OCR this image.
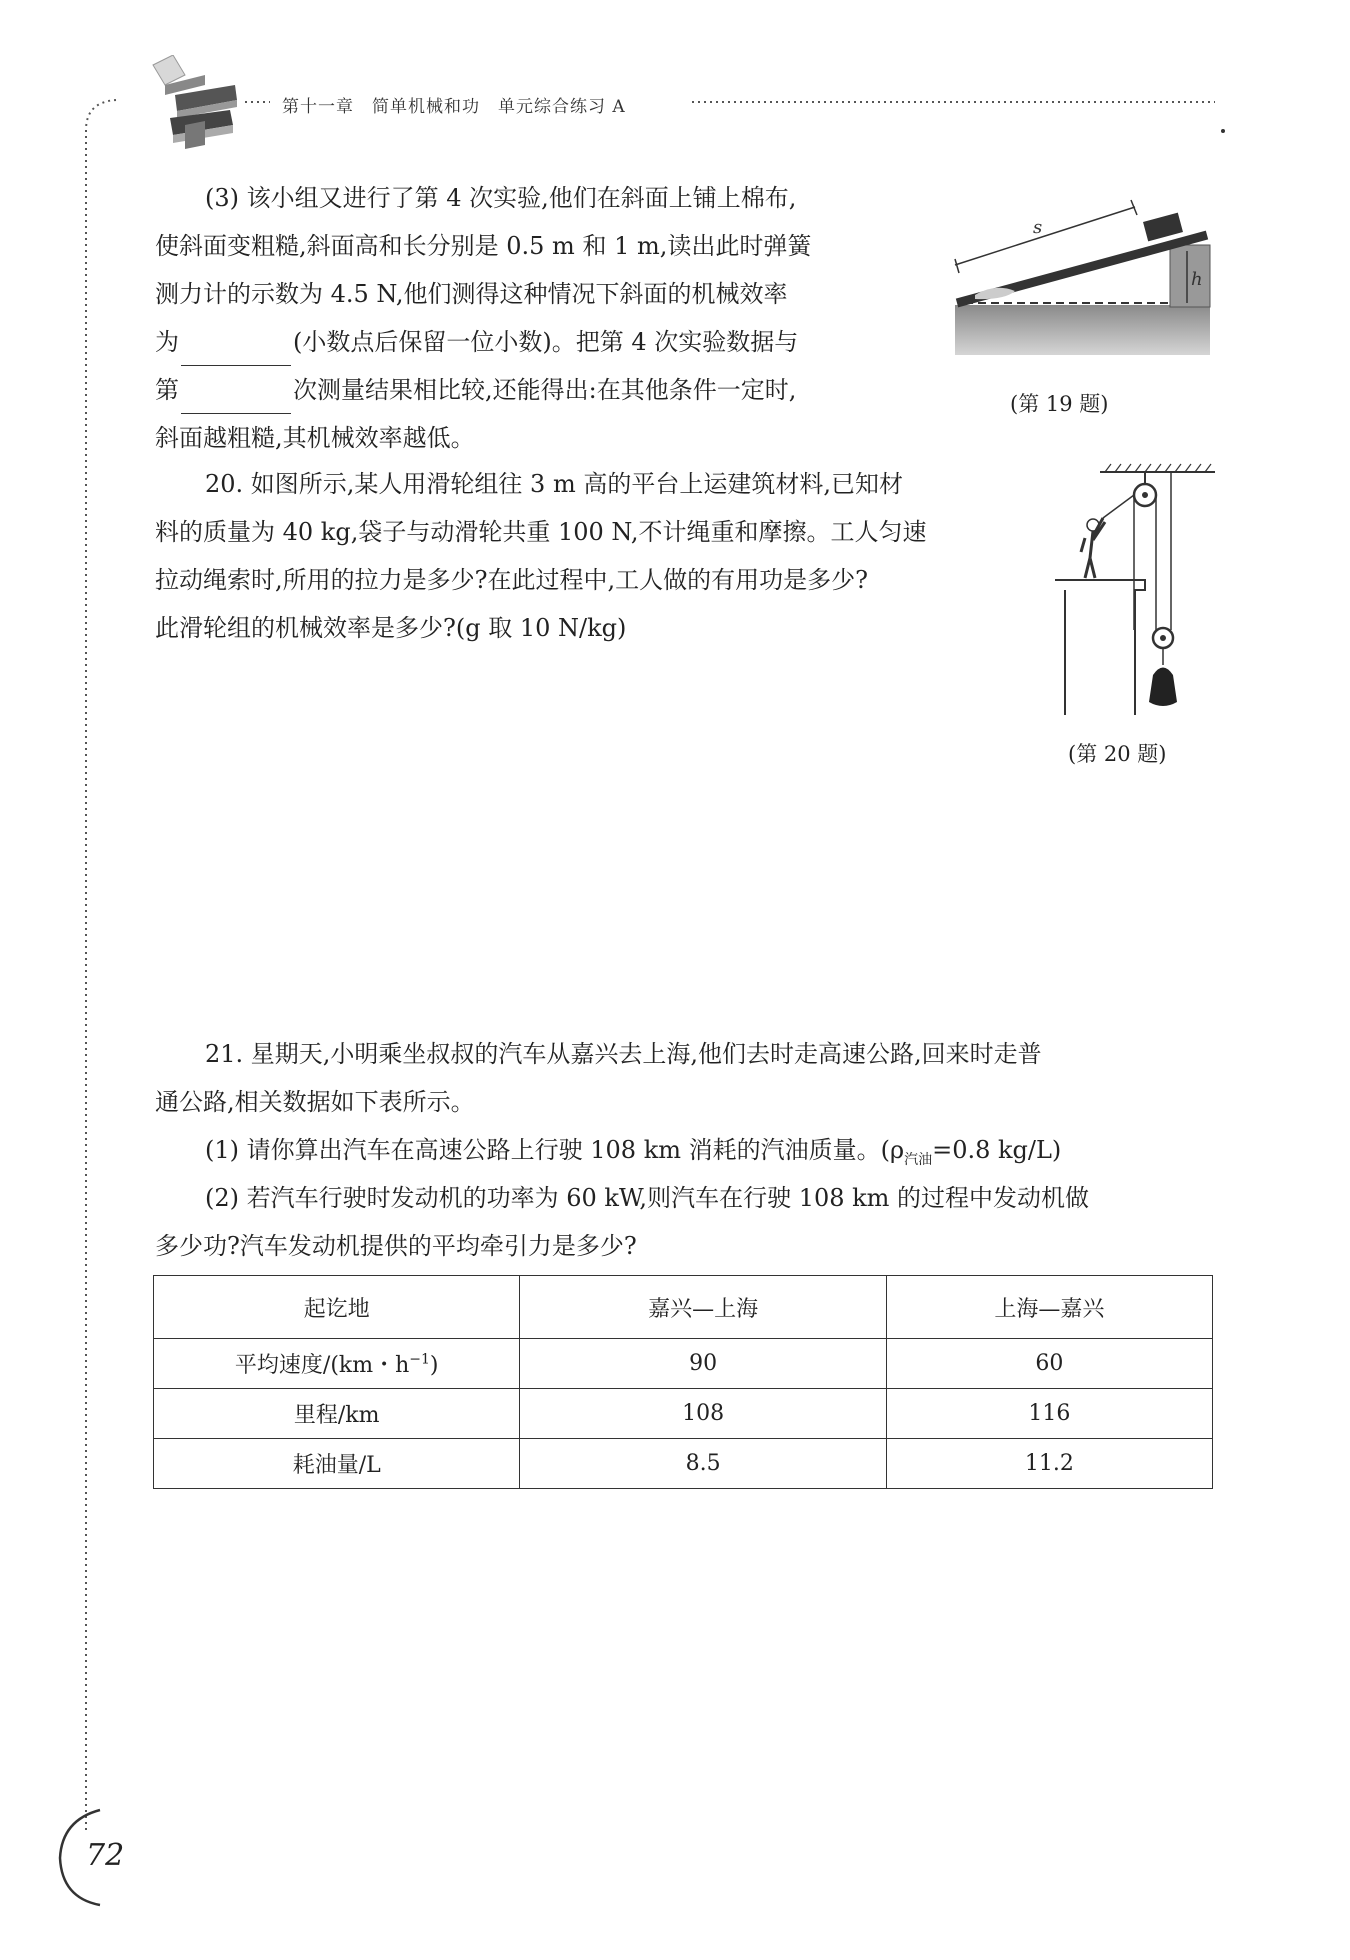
第十一章　简单机械和功　单元综合练习 A
(3) 该小组又进行了第 4 次实验,他们在斜面上铺上棉布,
使斜面变粗糙,斜面高和长分别是 0.5 m 和 1 m,读出此时弹簧
测力计的示数为 4.5 N,他们测得这种情况下斜面的机械效率
为	(小数点后保留一位小数)。把第 4 次实验数据与
第	次测量结果相比较,还能得出:在其他条件一定时,
斜面越粗糙,其机械效率越低。
s
h
(第 19 题)
20. 如图所示,某人用滑轮组往 3 m 高的平台上运建筑材料,已知材
料的质量为 40 kg,袋子与动滑轮共重 100 N,不计绳重和摩擦。工人匀速
拉动绳索时,所用的拉力是多少?在此过程中,工人做的有用功是多少?
此滑轮组的机械效率是多少?(g 取 10 N/kg)
(第 20 题)
21. 星期天,小明乘坐叔叔的汽车从嘉兴去上海,他们去时走高速公路,回来时走普
通公路,相关数据如下表所示。
(1) 请你算出汽车在高速公路上行驶 108 km 消耗的汽油质量。($\rho_{汽油}=0.8$ kg/L)
(2) 若汽车行驶时发动机的功率为 60 kW,则汽车在行驶 108 km 的过程中发动机做
多少功?汽车发动机提供的平均牵引力是多少?
起讫地	嘉兴—上海	上海—嘉兴
平均速度/(km・$h^{-1}$)	90	60
里程/km	108	116
耗油量/L	8.5	11.2
72
